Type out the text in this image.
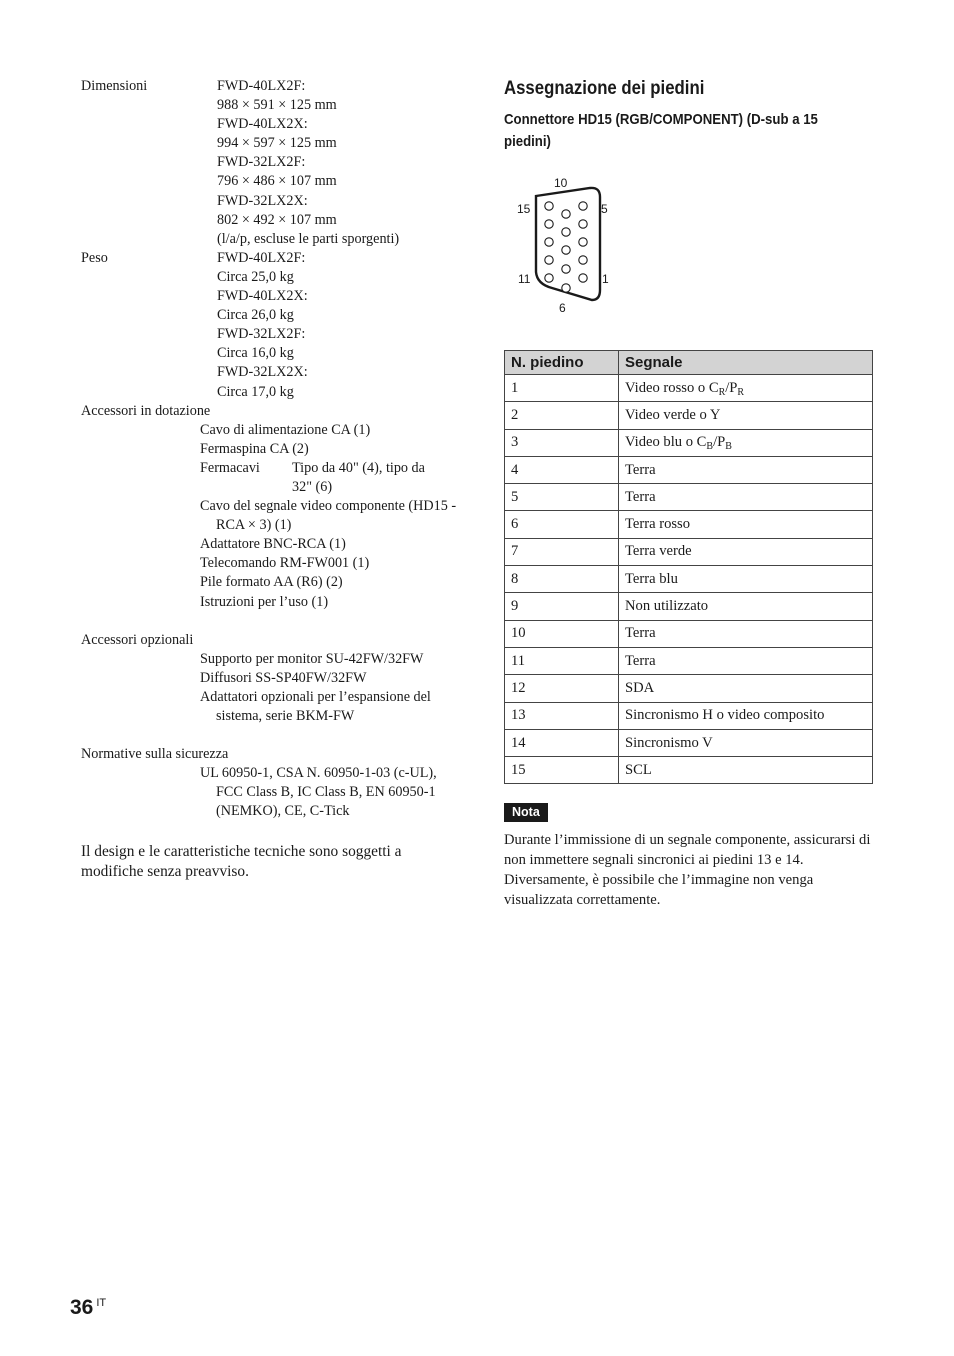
Dimensioni	FWD-40LX2F:
988 × 591 × 125 mm
FWD-40LX2X:
994 × 597 × 125 mm
FWD-32LX2F:
796 × 486 × 107 mm
FWD-32LX2X:
802 × 492 × 107 mm
(l/a/p, escluse le parti sporgenti)
Peso	FWD-40LX2F:
Circa 25,0 kg
FWD-40LX2X:
Circa 26,0 kg
FWD-32LX2F:
Circa 16,0 kg
FWD-32LX2X:
Circa 17,0 kg
Accessori in dotazione
Cavo di alimentazione CA (1)
Fermaspina CA (2)
Fermacavi Tipo da 40" (4), tipo da
32" (6)
Cavo del segnale video componente (HD15 - RCA × 3) (1)
Adattatore BNC-RCA (1)
Telecomando RM-FW001 (1)
Pile formato AA (R6) (2)
Istruzioni per l’uso (1)
Accessori opzionali
Supporto per monitor SU-42FW/32FW
Diffusori SS-SP40FW/32FW
Adattatori opzionali per l’espansione del sistema, serie BKM-FW
Normative sulla sicurezza
UL 60950-1, CSA N. 60950-1-03 (c-UL), FCC Class B, IC Class B, EN 60950-1 (NEMKO), CE, C-Tick
Il design e le caratteristiche tecniche sono soggetti a modifiche senza preavviso.
Assegnazione dei piedini
Connettore HD15 (RGB/COMPONENT) (D-sub a 15 piedini)
10
15	5
11	1
6
N. piedino	Segnale
1	Video rosso o $C_R/P_R$
2	Video verde o Y
3	Video blu o $C_B/P_B$
4	Terra
5	Terra
6	Terra rosso
7	Terra verde
8	Terra blu
9	Non utilizzato
10	Terra
11	Terra
12	SDA
13	Sincronismo H o video composito
14	Sincronismo V
15	SCL
Nota
Durante l’immissione di un segnale componente, assicurarsi di non immettere segnali sincronici ai piedini 13 e 14. Diversamente, è possibile che l’immagine non venga visualizzata correttamente.
36 $^{IT}$
